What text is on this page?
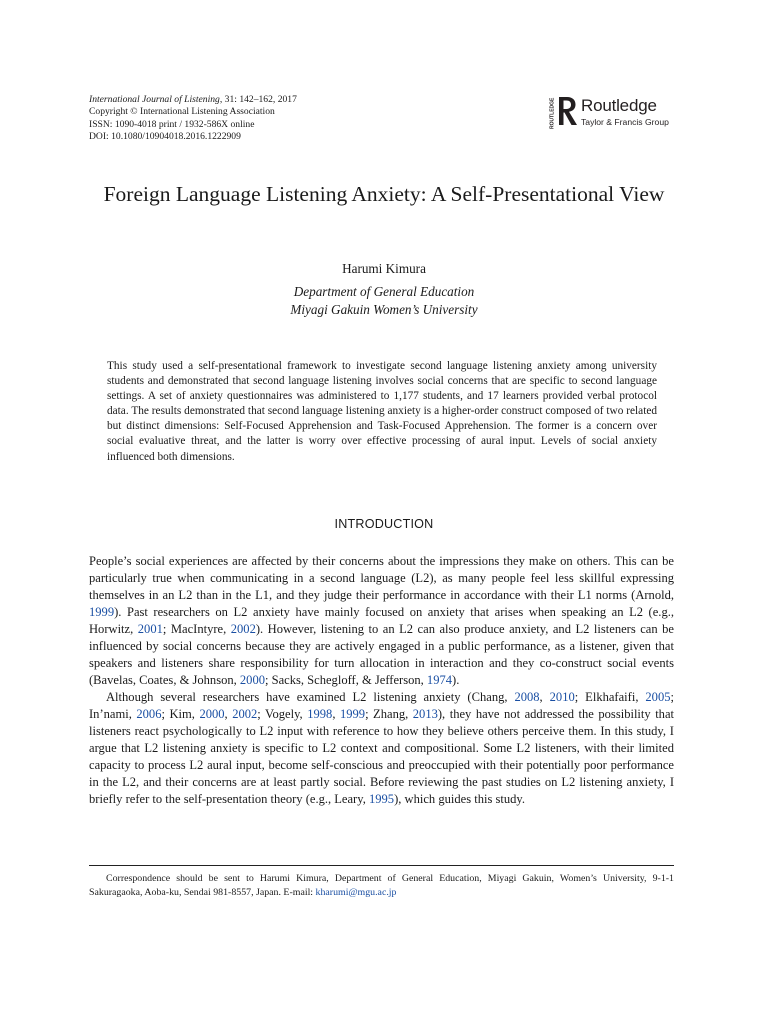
International Journal of Listening, 31: 142–162, 2017
Copyright © International Listening Association
ISSN: 1090-4018 print / 1932-586X online
DOI: 10.1080/10904018.2016.1222909
ROUTLEDGE Routledge
Taylor & Francis Group
Foreign Language Listening Anxiety: A Self-Presentational View
Harumi Kimura
Department of General Education
Miyagi Gakuin Women’s University
This study used a self-presentational framework to investigate second language listening anxiety among university students and demonstrated that second language listening involves social concerns that are specific to second language settings. A set of anxiety questionnaires was administered to 1,177 students, and 17 learners provided verbal protocol data. The results demonstrated that second language listening anxiety is a higher-order construct composed of two related but distinct dimensions: Self-Focused Apprehension and Task-Focused Apprehension. The former is a concern over social evaluative threat, and the latter is worry over effective processing of aural input. Levels of social anxiety influenced both dimensions.
INTRODUCTION

People’s social experiences are affected by their concerns about the impressions they make on others. This can be particularly true when communicating in a second language (L2), as many people feel less skillful expressing themselves in an L2 than in the L1, and they judge their performance in accordance with their L1 norms (Arnold, 1999). Past researchers on L2 anxiety have mainly focused on anxiety that arises when speaking an L2 (e.g., Horwitz, 2001; MacIntyre, 2002). However, listening to an L2 can also produce anxiety, and L2 listeners can be influenced by social concerns because they are actively engaged in a public performance, as a listener, given that speakers and listeners share responsibility for turn allocation in interaction and they co-construct social events (Bavelas, Coates, & Johnson, 2000; Sacks, Schegloff, & Jefferson, 1974).

Although several researchers have examined L2 listening anxiety (Chang, 2008, 2010; Elkhafaifi, 2005; In’nami, 2006; Kim, 2000, 2002; Vogely, 1998, 1999; Zhang, 2013), they have not addressed the possibility that listeners react psychologically to L2 input with reference to how they believe others perceive them. In this study, I argue that L2 listening anxiety is specific to L2 context and compositional. Some L2 listeners, with their limited capacity to process L2 aural input, become self-conscious and preoccupied with their potentially poor performance in the L2, and their concerns are at least partly social. Before reviewing the past studies on L2 listening anxiety, I briefly refer to the self-presentation theory (e.g., Leary, 1995), which guides this study.

Correspondence should be sent to Harumi Kimura, Department of General Education, Miyagi Gakuin, Women’s University, 9-1-1 Sakuragaoka, Aoba-ku, Sendai 981-8557, Japan. E-mail: kharumi@mgu.ac.jp
